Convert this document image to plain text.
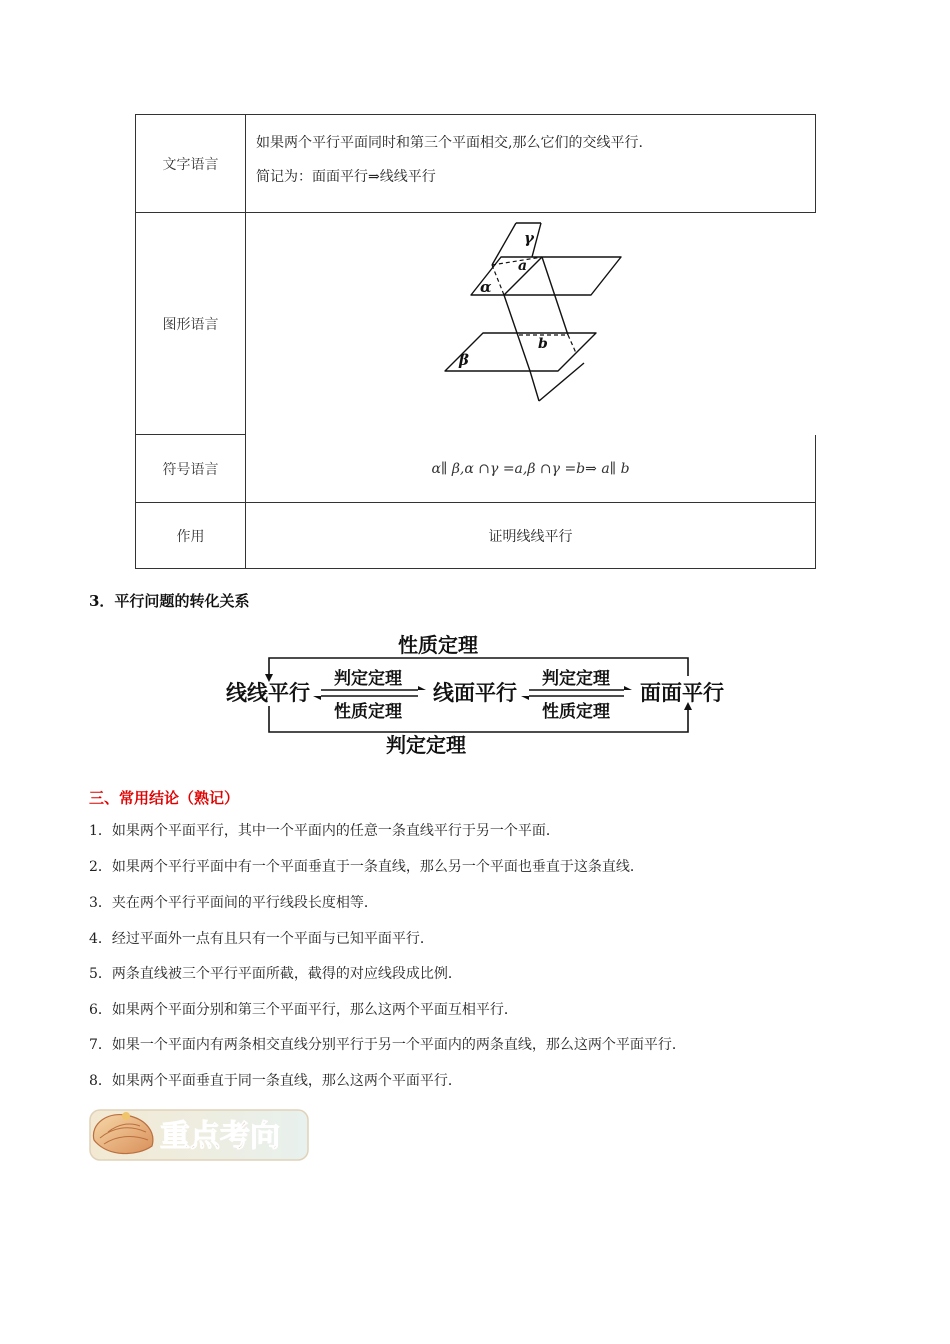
文字语言	如果两个平行平面同时和第三个平面相交,那么它们的交线平行.
简记为：面面平行⇒线线平行

图形语言	γ
a
α
b
β

符号语言	α∥ β,α ∩γ =a,β ∩γ =b⇒ a∥ b
作用	证明线线平行
3．平行问题的转化关系
性质定理
线线平行
判定定理
性质定理
线面平行
判定定理
性质定理
面面平行
判定定理
三、常用结论（熟记）
1．如果两个平面平行，其中一个平面内的任意一条直线平行于另一个平面．
2．如果两个平行平面中有一个平面垂直于一条直线，那么另一个平面也垂直于这条直线．
3．夹在两个平行平面间的平行线段长度相等．
4．经过平面外一点有且只有一个平面与已知平面平行．
5．两条直线被三个平行平面所截，截得的对应线段成比例．
6．如果两个平面分别和第三个平面平行，那么这两个平面互相平行．
7．如果一个平面内有两条相交直线分别平行于另一个平面内的两条直线，那么这两个平面平行．
8．如果两个平面垂直于同一条直线，那么这两个平面平行．
重点考向
